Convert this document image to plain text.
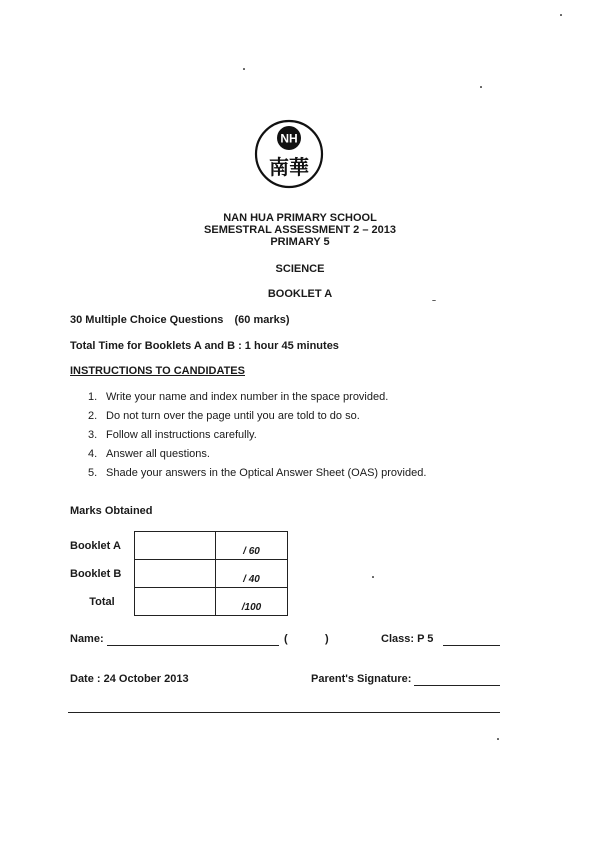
NH
南華
NAN HUA PRIMARY SCHOOL
SEMESTRAL ASSESSMENT 2 – 2013
PRIMARY 5
SCIENCE
BOOKLET A
30 Multiple Choice Questions (60 marks)
Total Time for Booklets A and B : 1 hour 45 minutes
INSTRUCTIONS TO CANDIDATES
1. Write your name and index number in the space provided.
2. Do not turn over the page until you are told to do so.
3. Follow all instructions carefully.
4. Answer all questions.
5. Shade your answers in the Optical Answer Sheet (OAS) provided.
Marks Obtained
Booklet A		/ 60
Booklet B		/ 40
Total		/100
Name:	(	)	Class: P 5
Date : 24 October 2013	Parent's Signature:
